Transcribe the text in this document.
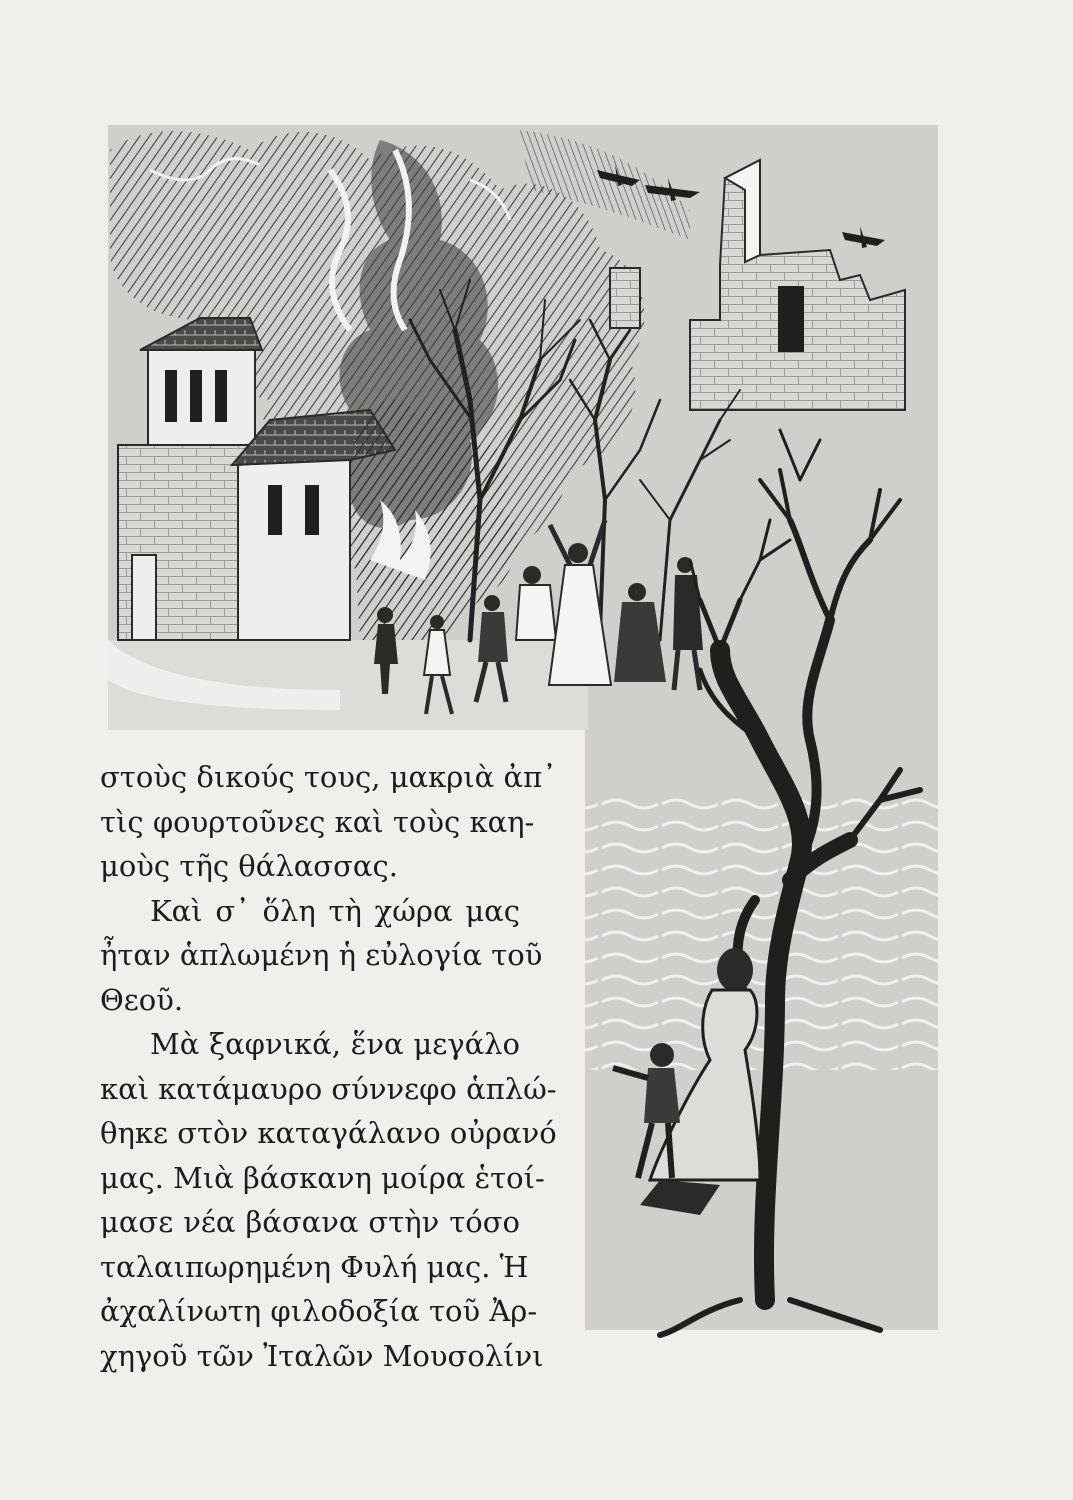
στοὺς δικούς τους, μακριὰ ἀπ᾽
τὶς φουρτοῦνες καὶ τοὺς καη-
μοὺς τῆς θάλασσας.

Καὶ σ᾽ ὅλη τὴ χώρα μας

ἦταν ἁπλωμένη ἡ εὐλογία τοῦ
Θεοῦ.

Μὰ ξαφνικά, ἕνα μεγάλο

καὶ κατάμαυρο σύννεφο ἁπλώ-
θηκε στὸν καταγάλανο οὐρανό
μας. Μιὰ βάσκανη μοίρα ἑτοί-
μασε νέα βάσανα στὴν τόσο
ταλαιπωρημένη Φυλή μας. Ἡ
ἀχαλίνωτη φιλοδοξία τοῦ Ἀρ-
χηγοῦ τῶν Ἰταλῶν Μουσολίνι
